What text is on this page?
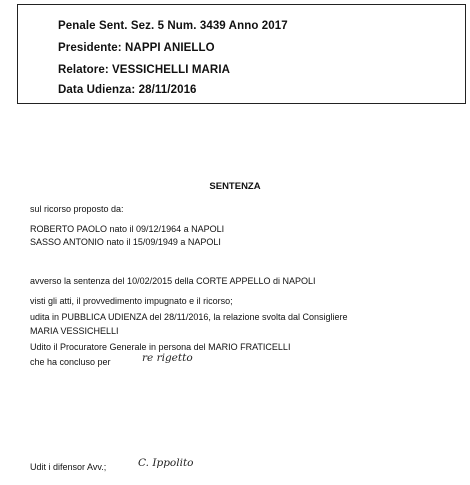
Penale Sent. Sez. 5 Num. 3439 Anno 2017
Presidente: NAPPI ANIELLO
Relatore: VESSICHELLI MARIA
Data Udienza: 28/11/2016
SENTENZA
sul ricorso proposto da:
ROBERTO PAOLO nato il 09/12/1964 a NAPOLI
SASSO ANTONIO nato il 15/09/1949 a NAPOLI
avverso la sentenza del 10/02/2015 della CORTE APPELLO di NAPOLI
visti gli atti, il provvedimento impugnato e il ricorso;
udita in PUBBLICA UDIENZA del 28/11/2016, la relazione svolta dal Consigliere
MARIA VESSICHELLI
Udito il Procuratore Generale in persona del MARIO FRATICELLI
che ha concluso per	re rigetto
Udit i difensor Avv.;	C. Ippolito
